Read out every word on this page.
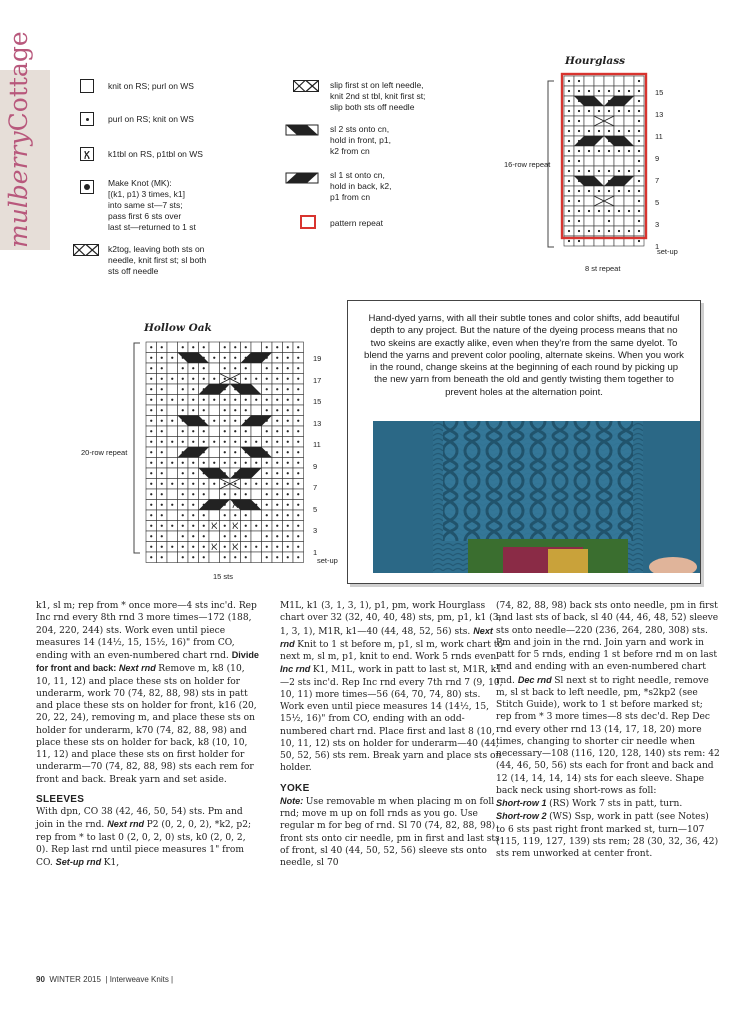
mulberryCottage	knit on RS; purl on WS
purl on RS; knit on WS
k1tbl on RS, p1tbl on WS
Make Knot (MK):
[(k1, p1) 3 times, k1]
into same st—7 sts;
pass first 6 sts over
last st—returned to 1 st
k2tog, leaving both sts on
needle, knit first st; sl both
sts off needle
slip first st on left needle,
knit 2nd st tbl, knit first st;
slip both sts off needle
sl 2 sts onto cn,
hold in front, p1,
k2 from cn
sl 1 st onto cn,
hold in back, k2,
p1 from cn
pattern repeat
Hourglass
16-row repeat
15
13
11
9
7
5
3
1
set-up
8 st repeat
Hollow Oak
20-row repeat
19
17
15
13
11
9
7
5
3
1
set-up
15 sts

Hand-dyed yarns, with all their subtle tones and color shifts, add beautiful depth to any project. But the nature of the dyeing process means that no two skeins are exactly alike, even when they're from the same dyelot. To blend the yarns and prevent color pooling, alternate skeins. When you work in the round, change skeins at the beginning of each round by picking up the new yarn from beneath the old and gently twisting them together to prevent holes at the alternation point.

k1, sl m; rep from * once more—4 sts inc'd. Rep Inc rnd every 8th rnd 3 more times—172 (188, 204, 220, 244) sts. Work even until piece measures 14 (14½, 15, 15½, 16)" from CO, ending with an even-numbered chart rnd. Divide for front and back: Next rnd Remove m, k8 (10, 10, 11, 12) and place these sts on holder for underarm, work 70 (74, 82, 88, 98) sts in patt and place these sts on holder for front, k16 (20, 20, 22, 24), removing m, and place these sts on holder for underarm, k70 (74, 82, 88, 98) and place these sts on holder for back, k8 (10, 10, 11, 12) and place these sts on first holder for underarm—70 (74, 82, 88, 98) sts each rem for front and back. Break yarn and set aside.

SLEEVES

With dpn, CO 38 (42, 46, 50, 54) sts. Pm and join in the rnd. Next rnd P2 (0, 2, 0, 2), *k2, p2; rep from * to last 0 (2, 0, 2, 0) sts, k0 (2, 0, 2, 0). Rep last rnd until piece measures 1" from CO. Set-up rnd K1,

M1L, k1 (3, 1, 3, 1), p1, pm, work Hourglass chart over 32 (32, 40, 40, 48) sts, pm, p1, k1 (3, 1, 3, 1), M1R, k1—40 (44, 48, 52, 56) sts. Next rnd Knit to 1 st before m, p1, sl m, work chart to next m, sl m, p1, knit to end. Work 5 rnds even. Inc rnd K1, M1L, work in patt to last st, M1R, k1—2 sts inc'd. Rep Inc rnd every 7th rnd 7 (9, 10, 10, 11) more times—56 (64, 70, 74, 80) sts. Work even until piece measures 14 (14½, 15, 15½, 16)" from CO, ending with an odd-numbered chart rnd. Place first and last 8 (10, 10, 11, 12) sts on holder for underarm—40 (44, 50, 52, 56) sts rem. Break yarn and place sts on holder.

YOKE

Note: Use removable m when placing m on foll rnd; move m up on foll rnds as you go. Use regular m for beg of rnd. Sl 70 (74, 82, 88, 98) front sts onto cir needle, pm in first and last sts of front, sl 40 (44, 50, 52, 56) sleeve sts onto needle, sl 70

(74, 82, 88, 98) back sts onto needle, pm in first and last sts of back, sl 40 (44, 46, 48, 52) sleeve sts onto needle—220 (236, 264, 280, 308) sts. Pm and join in the rnd. Join yarn and work in patt for 5 rnds, ending 1 st before rnd m on last rnd and ending with an even-numbered chart rnd. Dec rnd Sl next st to right needle, remove m, sl st back to left needle, pm, *s2kp2 (see Stitch Guide), work to 1 st before marked st; rep from * 3 more times—8 sts dec'd. Rep Dec rnd every other rnd 13 (14, 17, 18, 20) more times, changing to shorter cir needle when necessary—108 (116, 120, 128, 140) sts rem: 42 (44, 46, 50, 56) sts each for front and back and 12 (14, 14, 14, 14) sts for each sleeve. Shape back neck using short-rows as foll:

Short-row 1 (RS) Work 7 sts in patt, turn.

Short-row 2 (WS) Ssp, work in patt (see Notes) to 6 sts past right front marked st, turn—107 (115, 119, 127, 139) sts rem; 28 (30, 32, 36, 42) sts rem unworked at center front.

90 WINTER 2015  | Interweave Knits |
